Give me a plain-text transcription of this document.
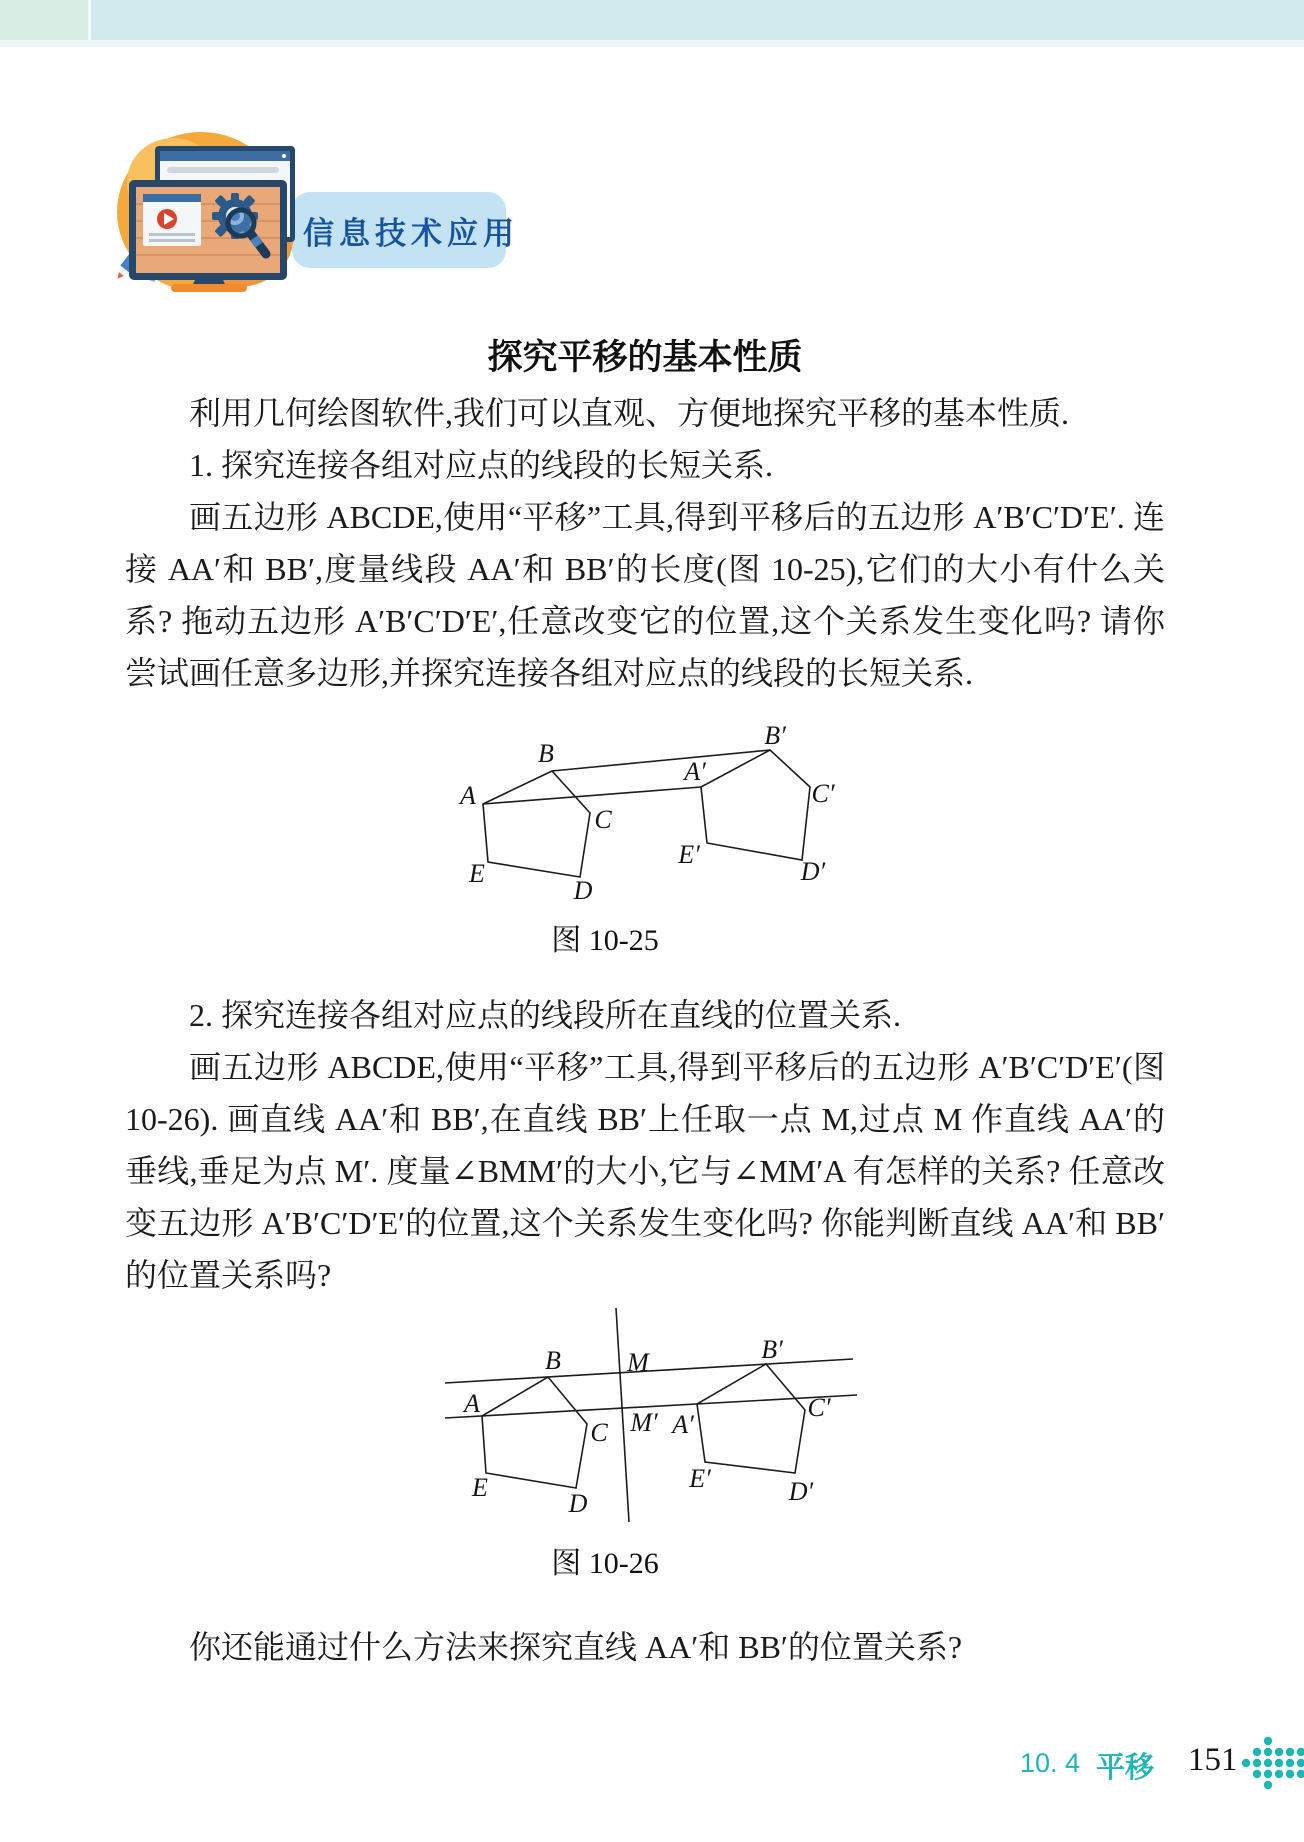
信息技术应用
探究平移的基本性质
利用几何绘图软件,我们可以直观、方便地探究平移的基本性质.
1. 探究连接各组对应点的线段的长短关系.
画五边形 ABCDE,使用“平移”工具,得到平移后的五边形 A′B′C′D′E′. 连接 AA′和 BB′,度量线段 AA′和 BB′的长度(图 10-25),它们的大小有什么关系? 拖动五边形 A′B′C′D′E′,任意改变它的位置,这个关系发生变化吗? 请你尝试画任意多边形,并探究连接各组对应点的线段的长短关系.
A
B
C
D
E
A′
B′
C′
D′
E′
图 10-25
2. 探究连接各组对应点的线段所在直线的位置关系.
画五边形 ABCDE,使用“平移”工具,得到平移后的五边形 A′B′C′D′E′(图 10-26). 画直线 AA′和 BB′,在直线 BB′上任取一点 M,过点 M 作直线 AA′的垂线,垂足为点 M′. 度量∠BMM′的大小,它与∠MM′A 有怎样的关系? 任意改变五边形 A′B′C′D′E′的位置,这个关系发生变化吗? 你能判断直线 AA′和 BB′的位置关系吗?
A
B
C
D
E
A′
B′
C′
D′
E′
M
M′
图 10-26
你还能通过什么方法来探究直线 AA′和 BB′的位置关系?
10. 4 平移 151
